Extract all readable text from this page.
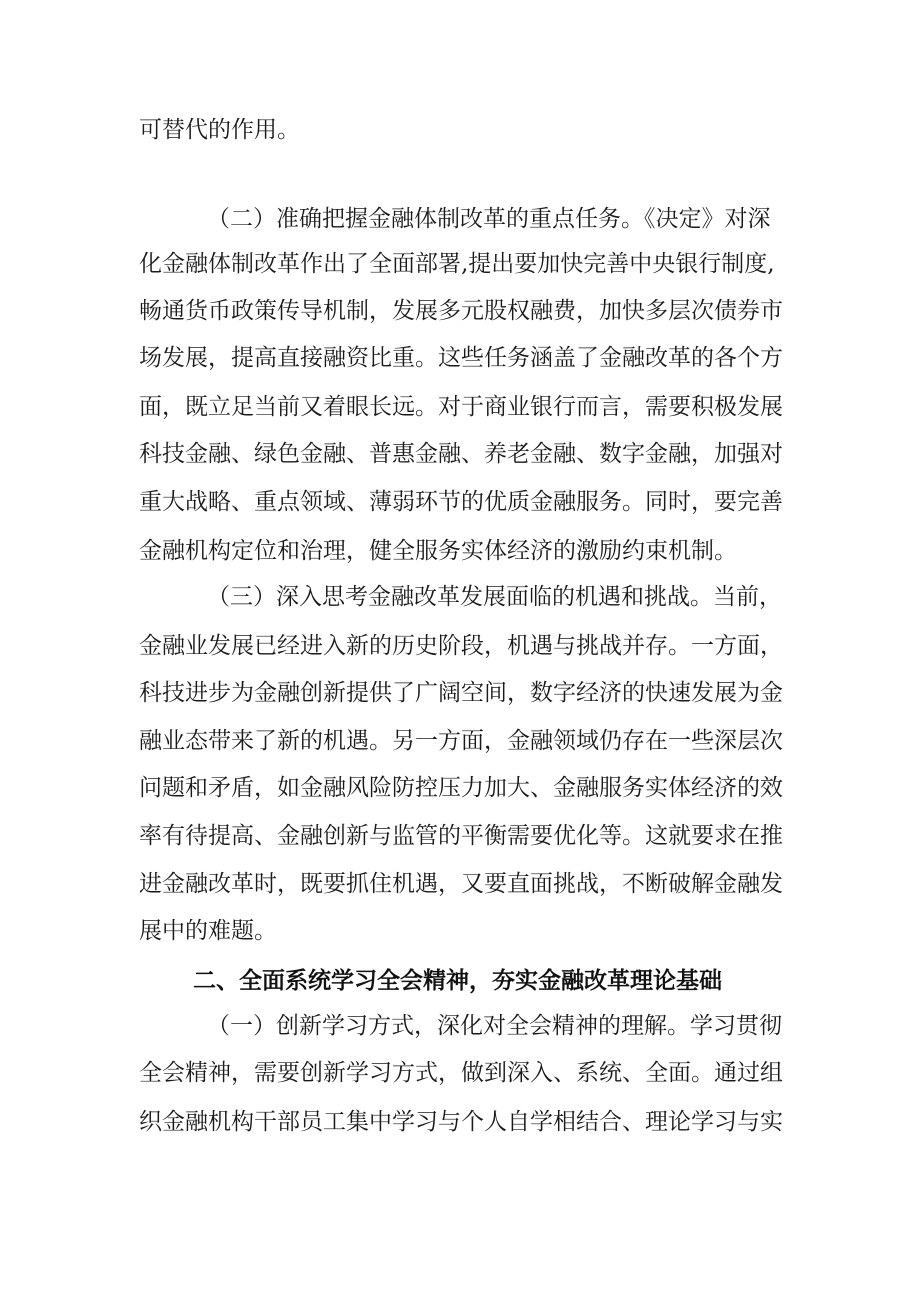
可替代的作用。
（二）准确把握金融体制改革的重点任务。《决定》对深
化金融体制改革作出了全面部署,提出要加快完善中央银行制度,
畅通货币政策传导机制，发展多元股权融费，加快多层次债券市
场发展，提高直接融资比重。这些任务涵盖了金融改革的各个方
面，既立足当前又着眼长远。对于商业银行而言，需要积极发展
科技金融、绿色金融、普惠金融、养老金融、数字金融，加强对
重大战略、重点领域、薄弱环节的优质金融服务。同时，要完善
金融机构定位和治理，健全服务实体经济的激励约束机制。
（三）深入思考金融改革发展面临的机遇和挑战。当前，
金融业发展已经进入新的历史阶段，机遇与挑战并存。一方面，
科技进步为金融创新提供了广阔空间，数字经济的快速发展为金
融业态带来了新的机遇。另一方面，金融领域仍存在一些深层次
问题和矛盾，如金融风险防控压力加大、金融服务实体经济的效
率有待提高、金融创新与监管的平衡需要优化等。这就要求在推
进金融改革时，既要抓住机遇，又要直面挑战，不断破解金融发
展中的难题。
二、全面系统学习全会精神，夯实金融改革理论基础
（一）创新学习方式，深化对全会精神的理解。学习贯彻
全会精神，需要创新学习方式，做到深入、系统、全面。通过组
织金融机构干部员工集中学习与个人自学相结合、理论学习与实
